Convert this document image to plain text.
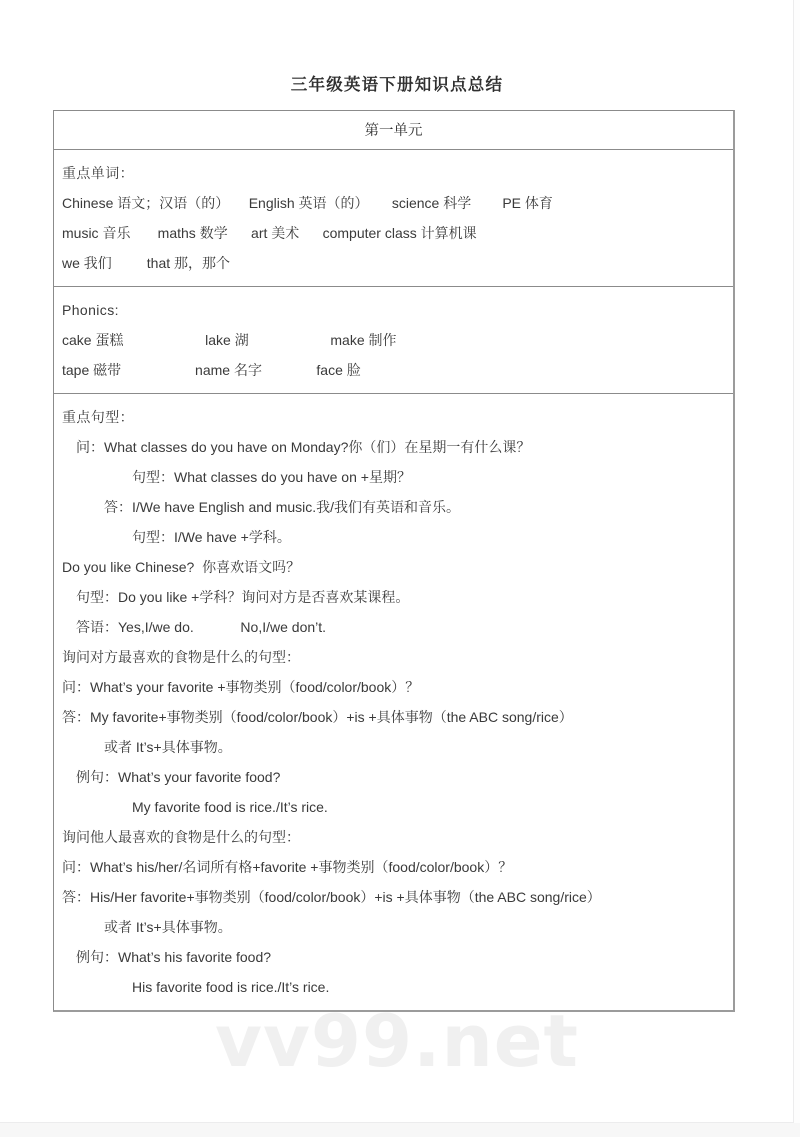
三年级英语下册知识点总结
第一单元
重点单词：
Chinese 语文；汉语（的）     English 英语（的）      science 科学        PE 体育
music 音乐       maths 数学      art 美术      computer class 计算机课
we 我们         that 那，那个
Phonics:
cake 蛋糕                     lake 湖                     make 制作
tape 磁带                   name 名字              face 脸
重点句型：
问：What classes do you have on Monday?你（们）在星期一有什么课？
句型：What classes do you have on +星期？
答：I/We have English and music.我/我们有英语和音乐。
句型：I/We have +学科。
Do you like Chinese?  你喜欢语文吗？
句型：Do you like +学科？询问对方是否喜欢某课程。
答语：Yes,I/we do.            No,I/we don’t.
询问对方最喜欢的食物是什么的句型：
问：What’s your favorite +事物类别（food/color/book）？
答：My favorite+事物类别（food/color/book）+is +具体事物（the ABC song/rice）
或者 It’s+具体事物。
例句：What’s your favorite food?
My favorite food is rice./It’s rice.
询问他人最喜欢的食物是什么的句型：
问：What’s his/her/名词所有格+favorite +事物类别（food/color/book）？
答：His/Her favorite+事物类别（food/color/book）+is +具体事物（the ABC song/rice）
或者 It’s+具体事物。
例句：What’s his favorite food?
His favorite food is rice./It’s rice.
vv99.net
